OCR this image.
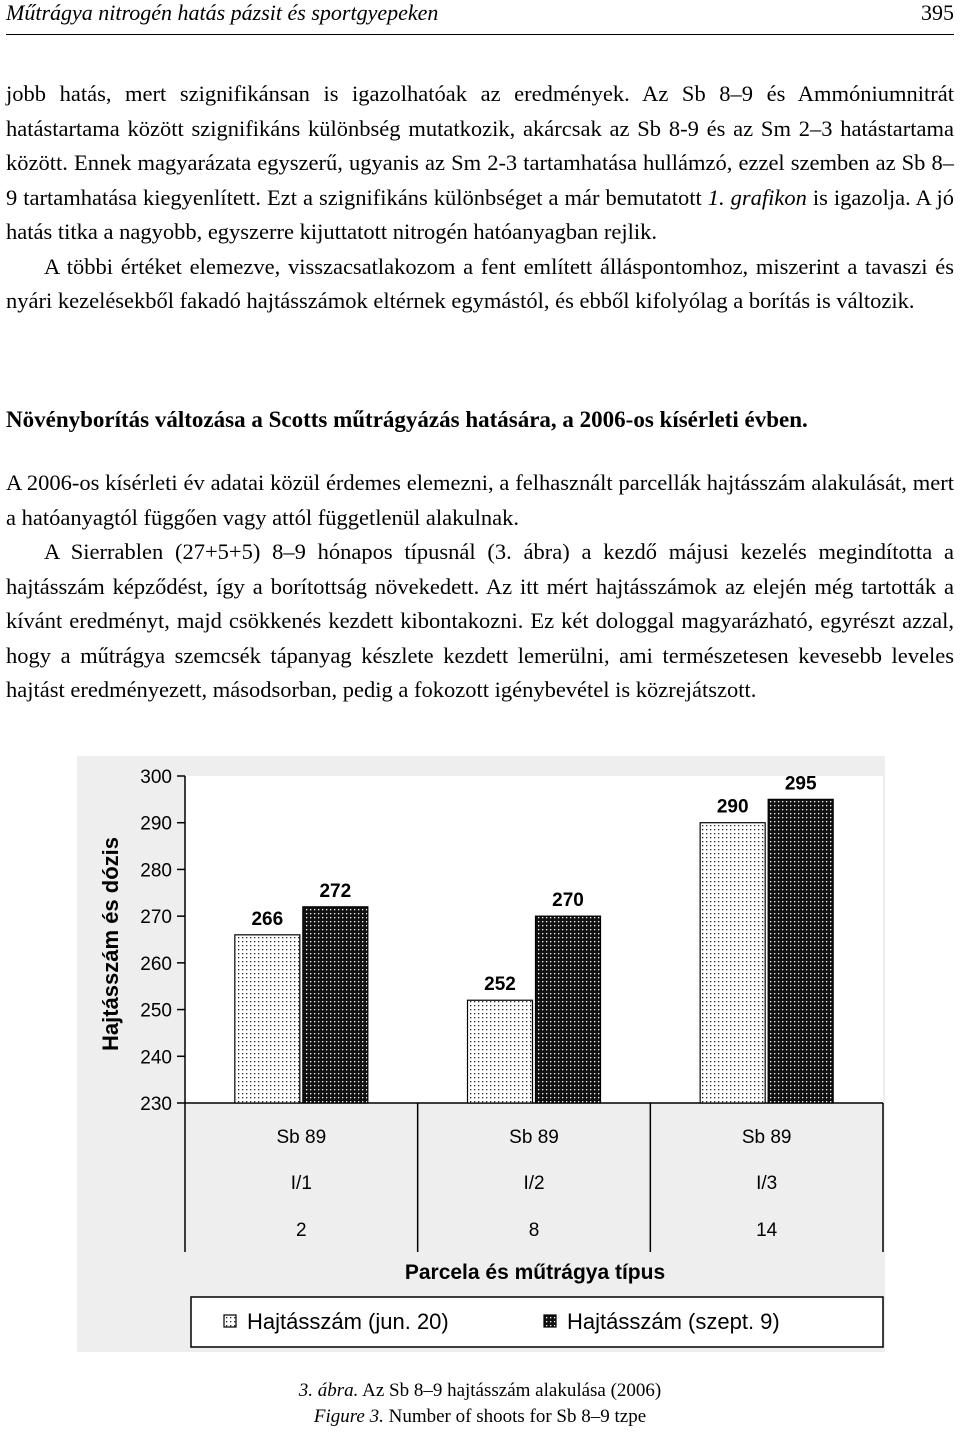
Műtrágya nitrogén hatás pázsit és sportgyepeken	395

jobb hatás, mert szignifikánsan is igazolhatóak az eredmények. Az Sb 8–9 és Ammóniumnitrát hatástartama között szignifikáns különbség mutatkozik, akárcsak az Sb 8-9 és az Sm 2–3 hatástartama között. Ennek magyarázata egyszerű, ugyanis az Sm 2-3 tartamhatása hullámzó, ezzel szemben az Sb 8–9 tartamhatása kiegyenlített. Ezt a szignifikáns különbséget a már bemutatott 1. grafikon is igazolja. A jó hatás titka a nagyobb, egyszerre kijuttatott nitrogén hatóanyagban rejlik.

A többi értéket elemezve, visszacsatlakozom a fent említett álláspontomhoz, miszerint a tavaszi és nyári kezelésekből fakadó hajtásszámok eltérnek egymástól, és ebből kifolyólag a borítás is változik.

Növényborítás változása a Scotts műtrágyázás hatására, a 2006-os kísérleti évben.

A 2006-os kísérleti év adatai közül érdemes elemezni, a felhasznált parcellák hajtásszám alakulását, mert a hatóanyagtól függően vagy attól függetlenül alakulnak.

A Sierrablen (27+5+5) 8–9 hónapos típusnál (3. ábra) a kezdő májusi kezelés megindította a hajtásszám képződést, így a borítottság növekedett. Az itt mért hajtásszámok az elején még tartották a kívánt eredményt, majd csökkenés kezdett kibontakozni. Ez két dologgal magyarázható, egyrészt azzal, hogy a műtrágya szemcsék tápanyag készlete kezdett lemerülni, ami természetesen kevesebb leveles hajtást eredményezett, másodsorban, pedig a fokozott igénybevétel is közrejátszott.

300
290
280
270
260
250
240
230
Hajtásszám és dózis	266
272
Sb 89
I/1
2
252
270
Sb 89
I/2
8
290
295
Sb 89
I/3
14
Parcela és műtrágya típus
Hajtásszám (jun. 20)	Hajtásszám (szept. 9)
3. ábra. Az Sb 8–9 hajtásszám alakulása (2006)
Figure 3. Number of shoots for Sb 8–9 tzpe
